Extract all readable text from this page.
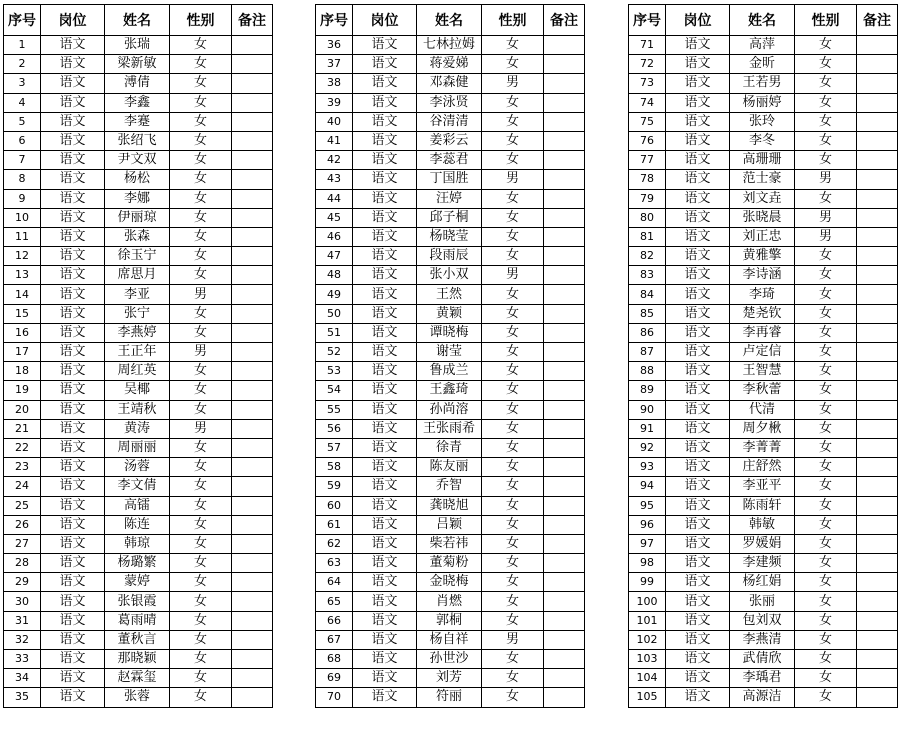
序号	岗位	姓名	性别	备注
1	语文	张瑞	女	
2	语文	梁新敏	女	
3	语文	溥倩	女	
4	语文	李鑫	女	
5	语文	李蹇	女	
6	语文	张绍飞	女	
7	语文	尹文双	女	
8	语文	杨松	女	
9	语文	李娜	女	
10	语文	伊丽琼	女	
11	语文	张森	女	
12	语文	徐玉宁	女	
13	语文	席思月	女	
14	语文	李亚	男	
15	语文	张宁	女	
16	语文	李燕婷	女	
17	语文	王正年	男	
18	语文	周红英	女	
19	语文	吴椰	女	
20	语文	王靖秋	女	
21	语文	黄涛	男	
22	语文	周丽丽	女	
23	语文	汤蓉	女	
24	语文	李文倩	女	
25	语文	高镭	女	
26	语文	陈连	女	
27	语文	韩琼	女	
28	语文	杨璐繁	女	
29	语文	蒙婷	女	
30	语文	张银霞	女	
31	语文	葛雨晴	女	
32	语文	董秋言	女	
33	语文	那晓颖	女	
34	语文	赵霖玺	女	
35	语文	张蓉	女	
序号	岗位	姓名	性别	备注
36	语文	七林拉姆	女	
37	语文	蒋爱娣	女	
38	语文	邓森健	男	
39	语文	李泳贤	女	
40	语文	谷清清	女	
41	语文	姜彩云	女	
42	语文	李蕊君	女	
43	语文	丁国胜	男	
44	语文	汪婷	女	
45	语文	邱子桐	女	
46	语文	杨晓莹	女	
47	语文	段雨辰	女	
48	语文	张小双	男	
49	语文	王然	女	
50	语文	黄颖	女	
51	语文	谭晓梅	女	
52	语文	谢莹	女	
53	语文	鲁成兰	女	
54	语文	王鑫琦	女	
55	语文	孙尚溶	女	
56	语文	王张雨希	女	
57	语文	徐青	女	
58	语文	陈友丽	女	
59	语文	乔智	女	
60	语文	龚晓旭	女	
61	语文	吕颖	女	
62	语文	柴若祎	女	
63	语文	董菊粉	女	
64	语文	金晓梅	女	
65	语文	肖燃	女	
66	语文	郭桐	女	
67	语文	杨自祥	男	
68	语文	孙世沙	女	
69	语文	刘芳	女	
70	语文	符丽	女	
序号	岗位	姓名	性别	备注
71	语文	高萍	女	
72	语文	金昕	女	
73	语文	王若男	女	
74	语文	杨丽婷	女	
75	语文	张玲	女	
76	语文	李冬	女	
77	语文	高珊珊	女	
78	语文	范士豪	男	
79	语文	刘文垚	女	
80	语文	张晓晨	男	
81	语文	刘正忠	男	
82	语文	黄雅擎	女	
83	语文	李诗涵	女	
84	语文	李琦	女	
85	语文	楚尧钦	女	
86	语文	李再睿	女	
87	语文	卢定信	女	
88	语文	王智慧	女	
89	语文	李秋蕾	女	
90	语文	代清	女	
91	语文	周夕楸	女	
92	语文	李菁菁	女	
93	语文	庄舒然	女	
94	语文	李亚平	女	
95	语文	陈雨轩	女	
96	语文	韩敏	女	
97	语文	罗媛娟	女	
98	语文	李建频	女	
99	语文	杨红娟	女	
100	语文	张丽	女	
101	语文	包刘双	女	
102	语文	李燕清	女	
103	语文	武倩欣	女	
104	语文	李瑀君	女	
105	语文	高源洁	女	
